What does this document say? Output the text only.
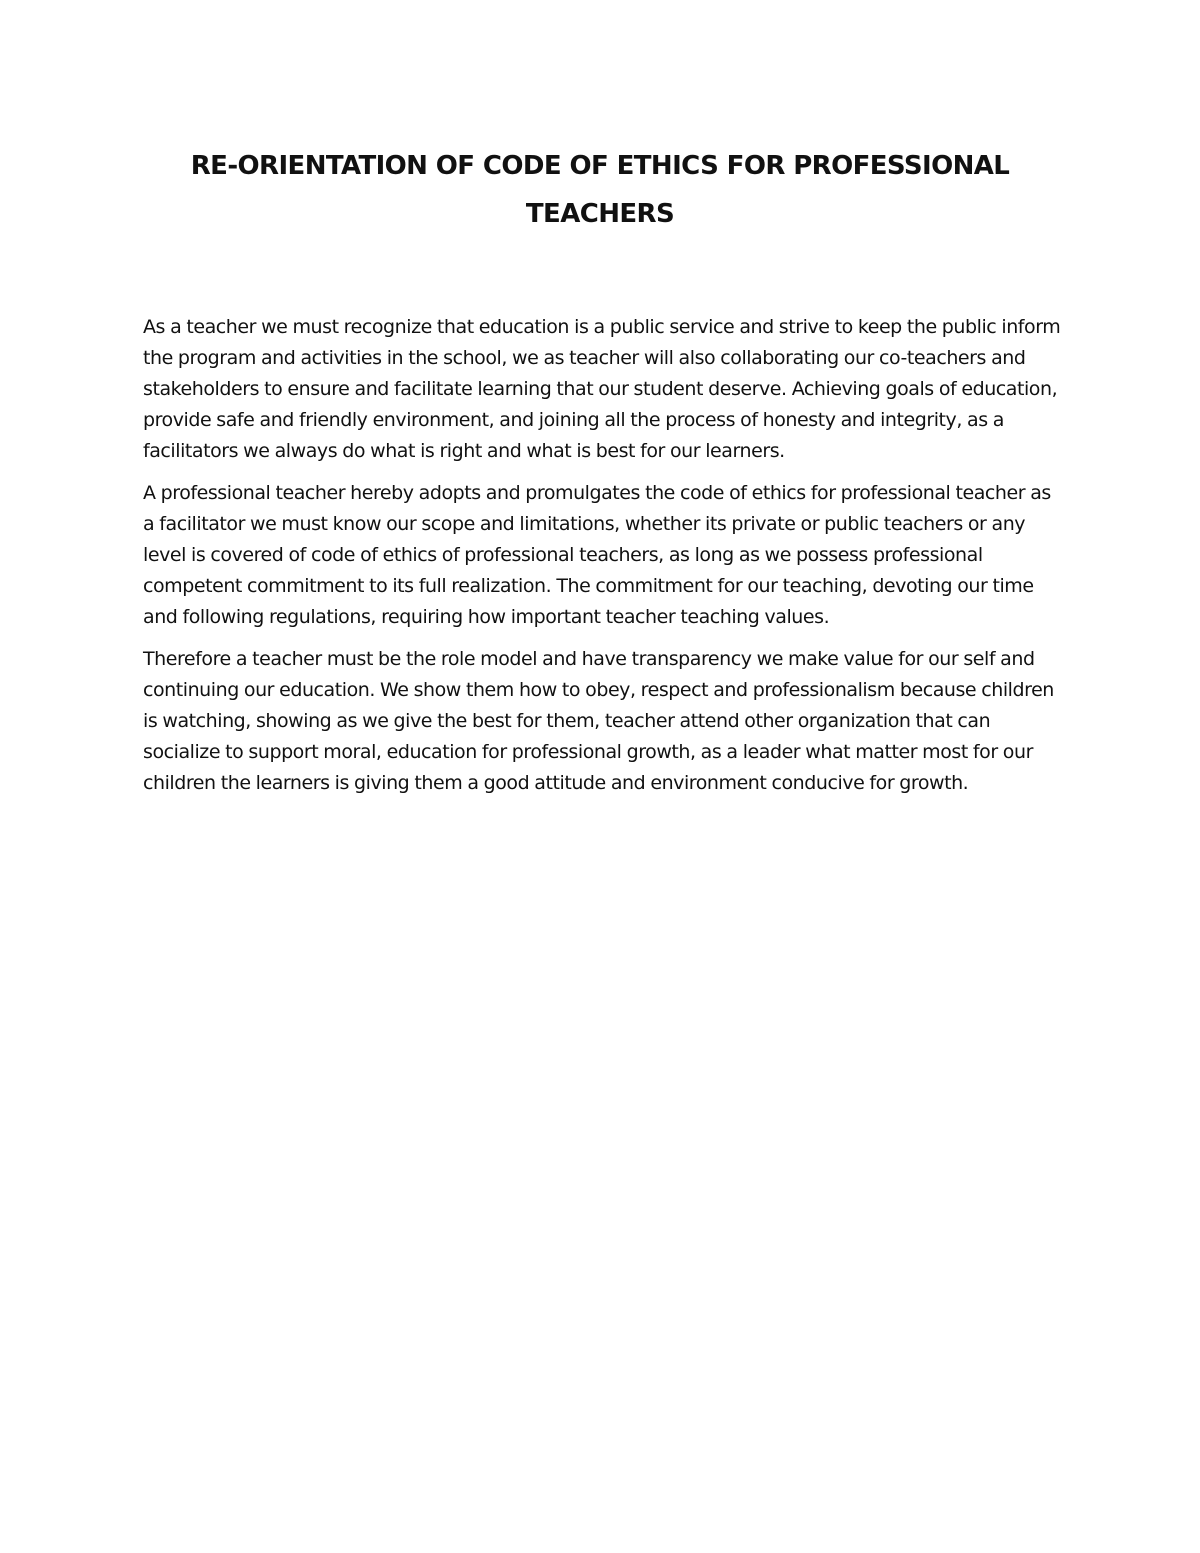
RE-ORIENTATION OF CODE OF ETHICS FOR PROFESSIONAL TEACHERS

As a teacher we must recognize that education is a public service and strive to keep the public inform the program and activities in the school, we as teacher will also collaborating our co-teachers and stakeholders to ensure and facilitate learning that our student deserve. Achieving goals of education, provide safe and friendly environment, and joining all the process of honesty and integrity, as a facilitators we always do what is right and what is best for our learners.

A professional teacher hereby adopts and promulgates the code of ethics for professional teacher as a facilitator we must know our scope and limitations, whether its private or public teachers or any level is covered of code of ethics of professional teachers, as long as we possess professional competent commitment to its full realization. The commitment for our teaching, devoting our time and following regulations, requiring how important teacher teaching values.

Therefore a teacher must be the role model and have transparency we make value for our self and continuing our education. We show them how to obey, respect and professionalism because children is watching, showing as we give the best for them, teacher attend other organization that can socialize to support moral, education for professional growth, as a leader what matter most for our children the learners is giving them a good attitude and environment conducive for growth.
